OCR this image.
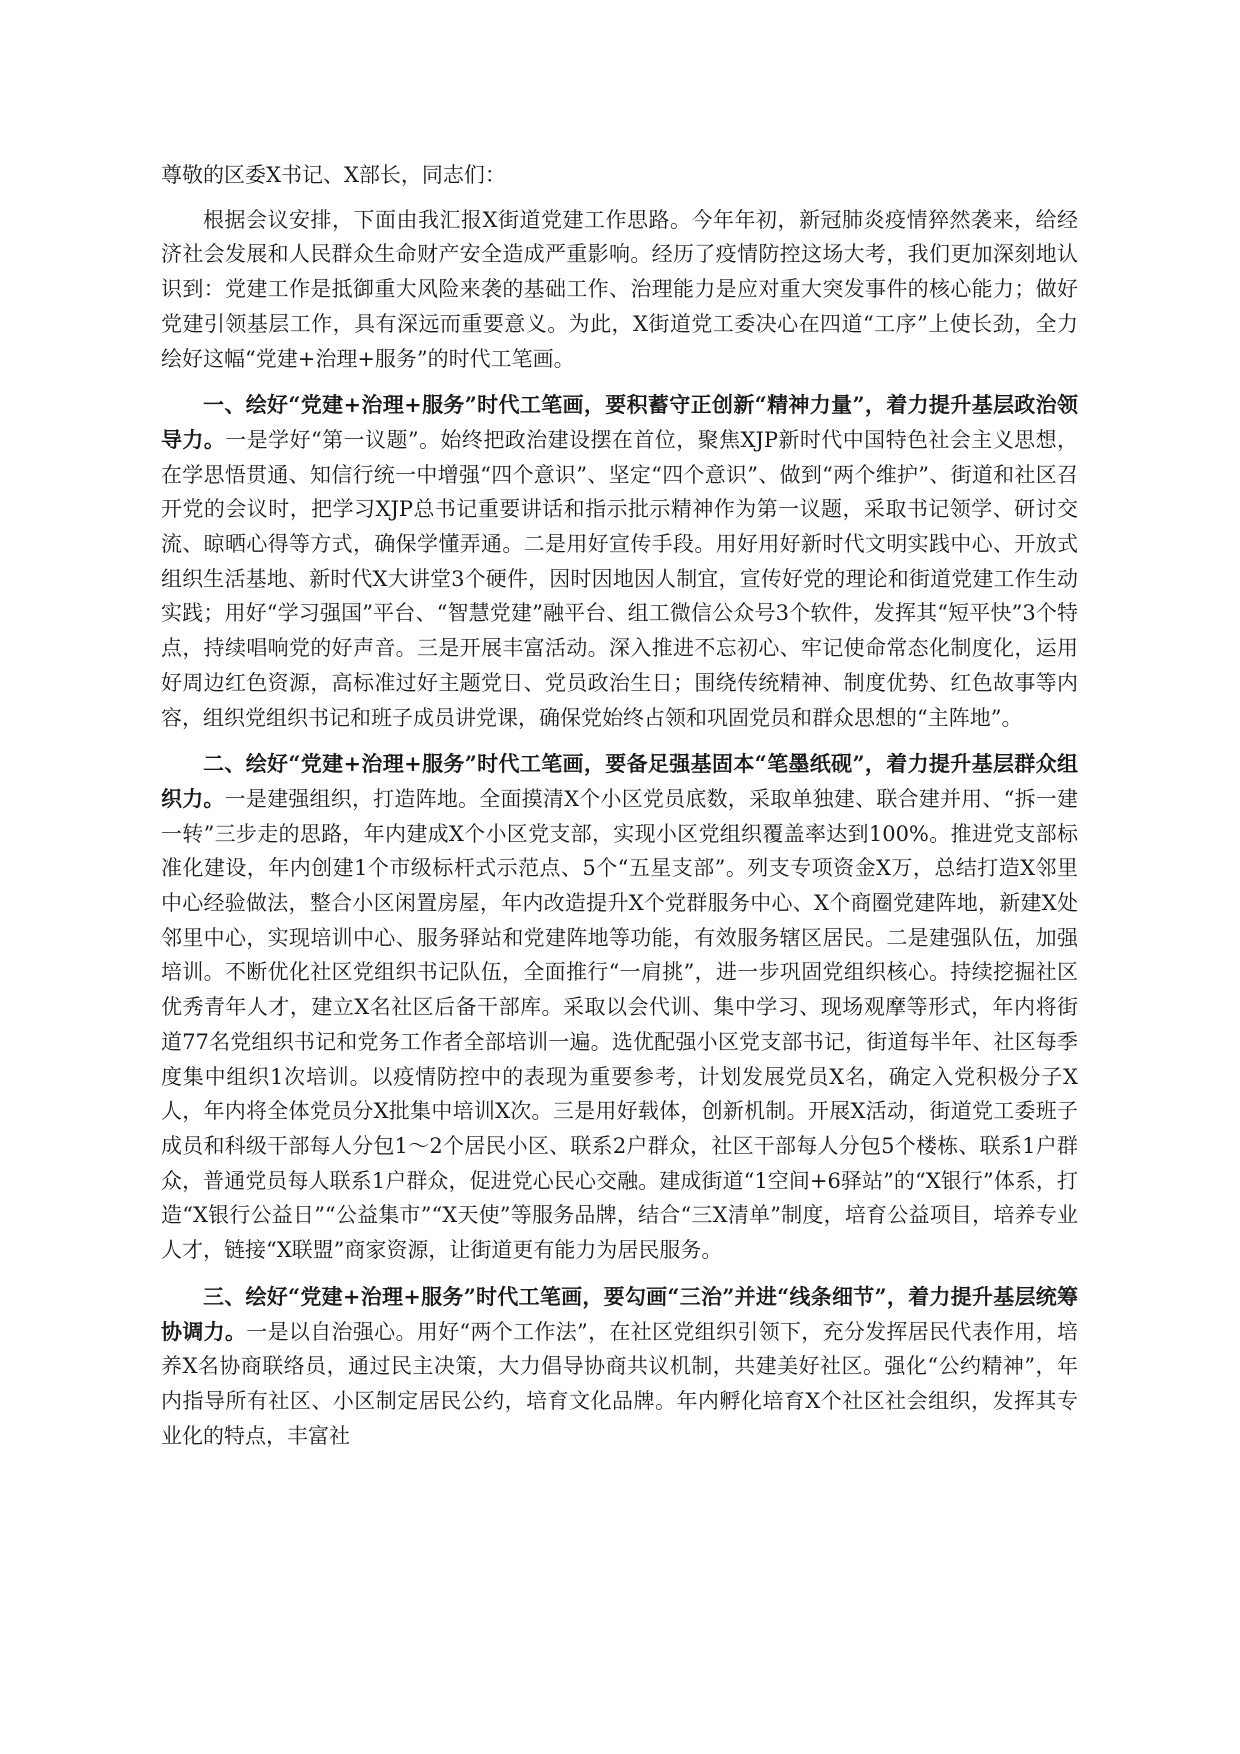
尊敬的区委X书记、X部长，同志们：

根据会议安排，下面由我汇报X街道党建工作思路。今年年初，新冠肺炎疫情猝然袭来，给经济社会发展和人民群众生命财产安全造成严重影响。经历了疫情防控这场大考，我们更加深刻地认识到：党建工作是抵御重大风险来袭的基础工作、治理能力是应对重大突发事件的核心能力；做好党建引领基层工作，具有深远而重要意义。为此，X街道党工委决心在四道“工序”上使长劲，全力绘好这幅“党建+治理+服务”的时代工笔画。

一、绘好“党建+治理+服务”时代工笔画，要积蓄守正创新“精神力量”，着力提升基层政治领导力。一是学好“第一议题”。始终把政治建设摆在首位，聚焦XJP新时代中国特色社会主义思想，在学思悟贯通、知信行统一中增强“四个意识”、坚定“四个意识”、做到“两个维护”、街道和社区召开党的会议时，把学习XJP总书记重要讲话和指示批示精神作为第一议题，采取书记领学、研讨交流、晾晒心得等方式，确保学懂弄通。二是用好宣传手段。用好用好新时代文明实践中心、开放式组织生活基地、新时代X大讲堂3个硬件，因时因地因人制宜，宣传好党的理论和街道党建工作生动实践；用好“学习强国”平台、“智慧党建”融平台、组工微信公众号3个软件，发挥其“短平快”3个特点，持续唱响党的好声音。三是开展丰富活动。深入推进不忘初心、牢记使命常态化制度化，运用好周边红色资源，高标准过好主题党日、党员政治生日；围绕传统精神、制度优势、红色故事等内容，组织党组织书记和班子成员讲党课，确保党始终占领和巩固党员和群众思想的“主阵地”。

二、绘好“党建+治理+服务”时代工笔画，要备足强基固本“笔墨纸砚”，着力提升基层群众组织力。一是建强组织，打造阵地。全面摸清X个小区党员底数，采取单独建、联合建并用、“拆一建一转”三步走的思路，年内建成X个小区党支部，实现小区党组织覆盖率达到100%。推进党支部标准化建设，年内创建1个市级标杆式示范点、5个“五星支部”。列支专项资金X万，总结打造X邻里中心经验做法，整合小区闲置房屋，年内改造提升X个党群服务中心、X个商圈党建阵地，新建X处邻里中心，实现培训中心、服务驿站和党建阵地等功能，有效服务辖区居民。二是建强队伍，加强培训。不断优化社区党组织书记队伍，全面推行“一肩挑”，进一步巩固党组织核心。持续挖掘社区优秀青年人才，建立X名社区后备干部库。采取以会代训、集中学习、现场观摩等形式，年内将街道77名党组织书记和党务工作者全部培训一遍。选优配强小区党支部书记，街道每半年、社区每季度集中组织1次培训。以疫情防控中的表现为重要参考，计划发展党员X名，确定入党积极分子X人，年内将全体党员分X批集中培训X次。三是用好载体，创新机制。开展X活动，街道党工委班子成员和科级干部每人分包1～2个居民小区、联系2户群众，社区干部每人分包5个楼栋、联系1户群众，普通党员每人联系1户群众，促进党心民心交融。建成街道“1空间+6驿站”的“X银行”体系，打造“X银行公益日”“公益集市”“X天使”等服务品牌，结合“三X清单”制度，培育公益项目，培养专业人才，链接“X联盟”商家资源，让街道更有能力为居民服务。

三、绘好“党建+治理+服务”时代工笔画，要勾画“三治”并进“线条细节”，着力提升基层统筹协调力。一是以自治强心。用好“两个工作法”，在社区党组织引领下，充分发挥居民代表作用，培养X名协商联络员，通过民主决策，大力倡导协商共议机制，共建美好社区。强化“公约精神”，年内指导所有社区、小区制定居民公约，培育文化品牌。年内孵化培育X个社区社会组织，发挥其专业化的特点，丰富社
